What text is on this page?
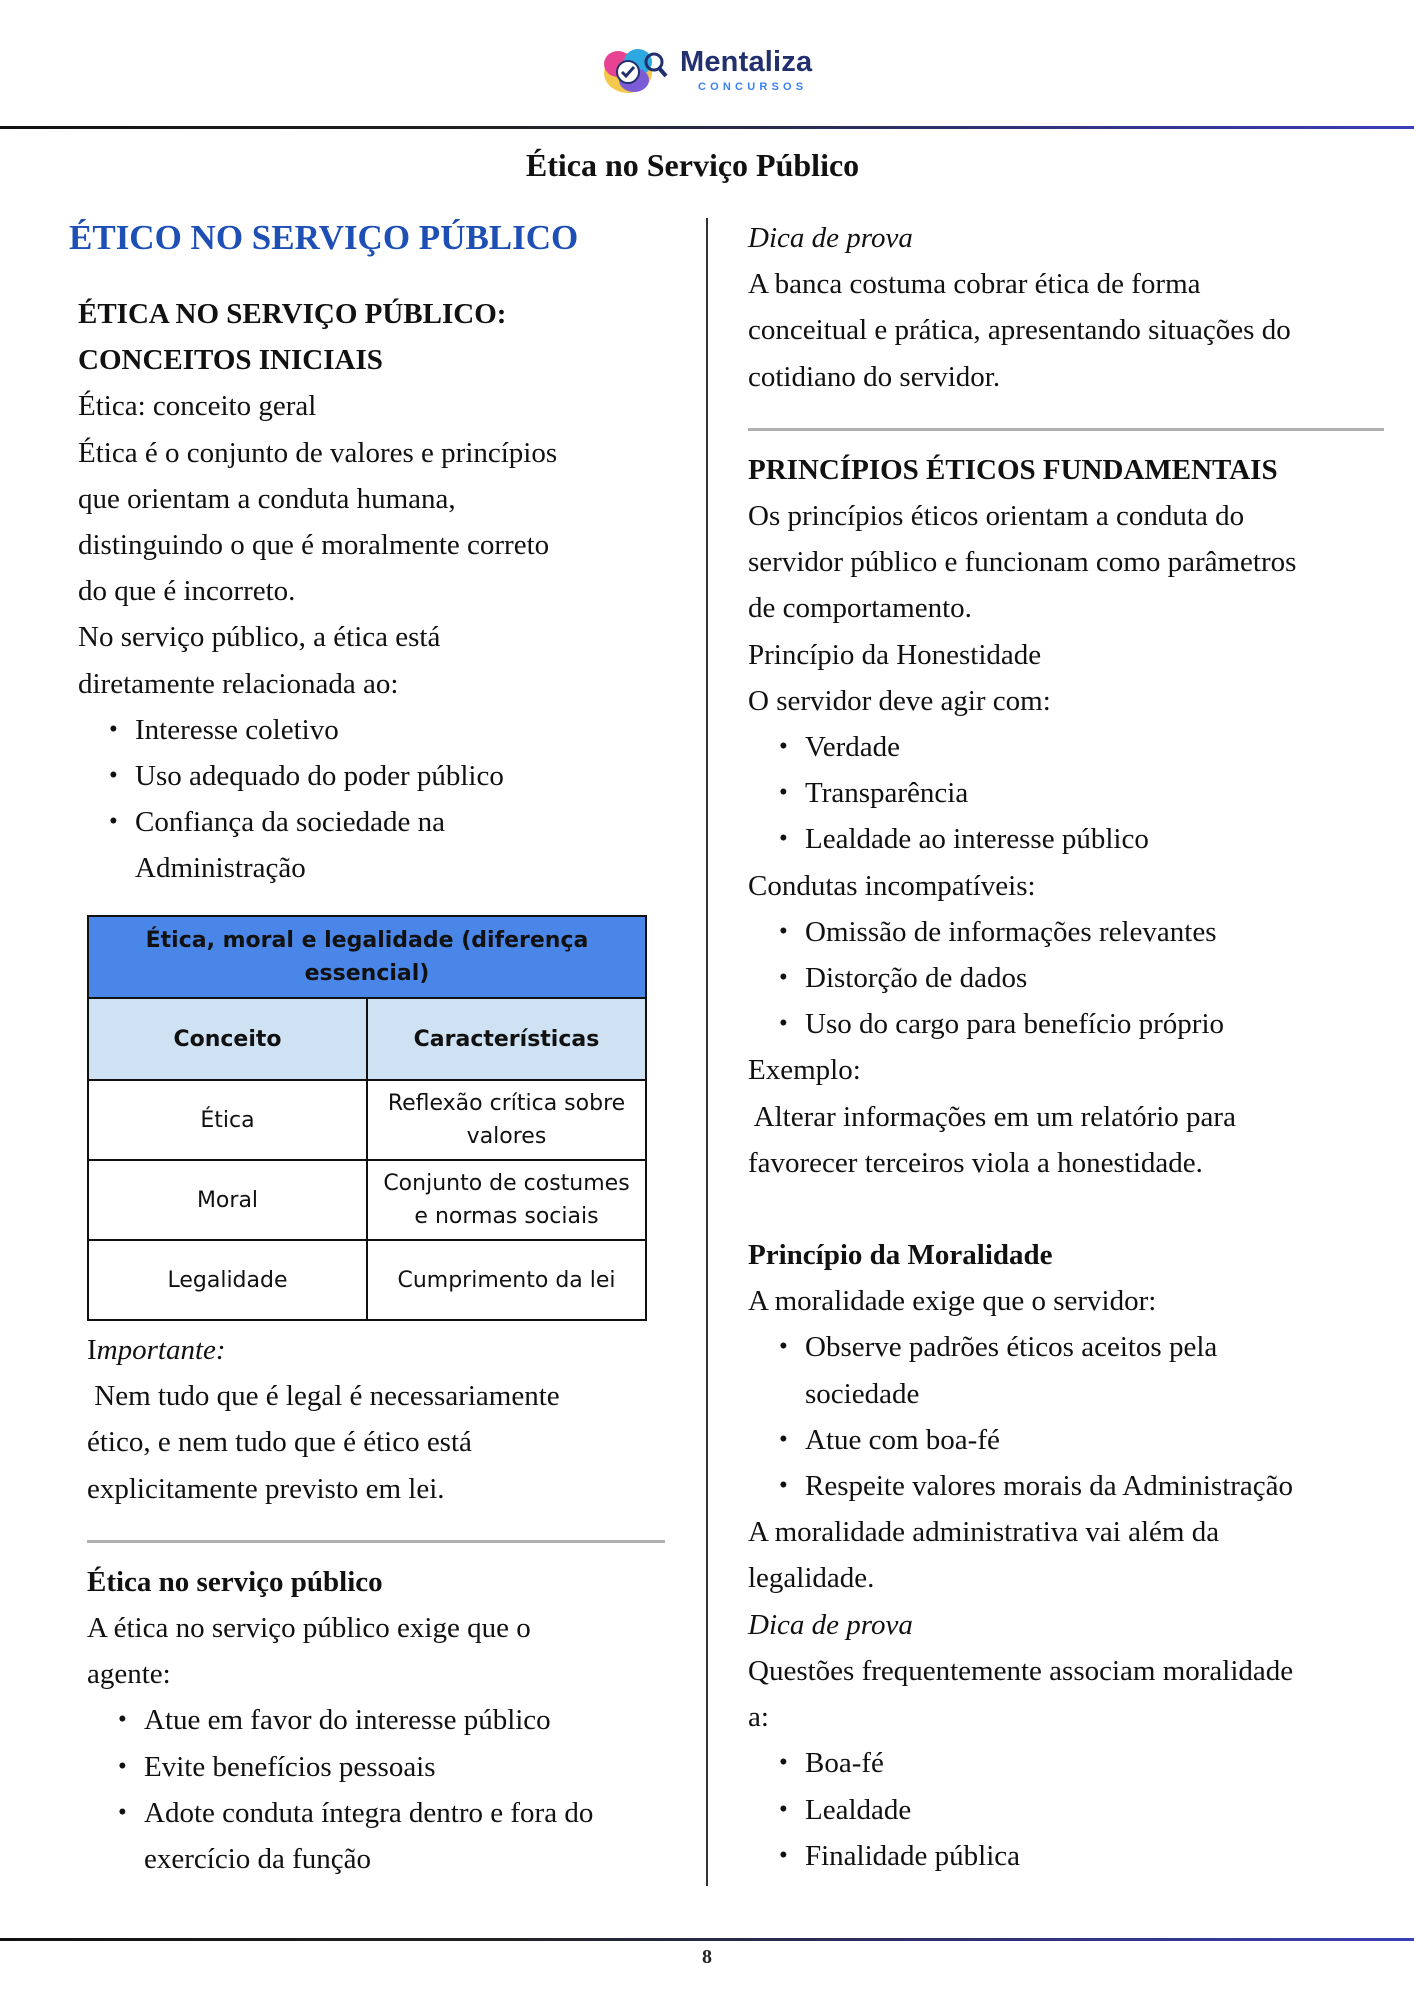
Mentaliza
CONCURSOS
Ética no Serviço Público
ÉTICO NO SERVIÇO PÚBLICO

ÉTICA NO SERVIÇO PÚBLICO:

CONCEITOS INICIAIS

Ética: conceito geral

Ética é o conjunto de valores e princípios

que orientam a conduta humana,

distinguindo o que é moralmente correto

do que é incorreto.

No serviço público, a ética está

diretamente relacionada ao:

• Interesse coletivo
• Uso adequado do poder público
• Confiança da sociedade na
Administração
Ética, moral e legalidade (diferença essencial)	
Conceito	Características
Ética	Reflexão crítica sobre valores
Moral	Conjunto de costumes e normas sociais
Legalidade	Cumprimento da lei

Importante:

Nem tudo que é legal é necessariamente

ético, e nem tudo que é ético está

explicitamente previsto em lei.

Ética no serviço público

A ética no serviço público exige que o

agente:

• Atue em favor do interesse público
• Evite benefícios pessoais
• Adote conduta íntegra dentro e fora do
exercício da função

Dica de prova

A banca costuma cobrar ética de forma

conceitual e prática, apresentando situações do

cotidiano do servidor.

PRINCÍPIOS ÉTICOS FUNDAMENTAIS

Os princípios éticos orientam a conduta do

servidor público e funcionam como parâmetros

de comportamento.

Princípio da Honestidade

O servidor deve agir com:

• Verdade
• Transparência
• Lealdade ao interesse público

Condutas incompatíveis:

• Omissão de informações relevantes
• Distorção de dados
• Uso do cargo para benefício próprio

Exemplo:

Alterar informações em um relatório para

favorecer terceiros viola a honestidade.

Princípio da Moralidade

A moralidade exige que o servidor:

• Observe padrões éticos aceitos pela
sociedade
• Atue com boa-fé
• Respeite valores morais da Administração

A moralidade administrativa vai além da

legalidade.

Dica de prova

Questões frequentemente associam moralidade

a:

• Boa-fé
• Lealdade
• Finalidade pública
8
